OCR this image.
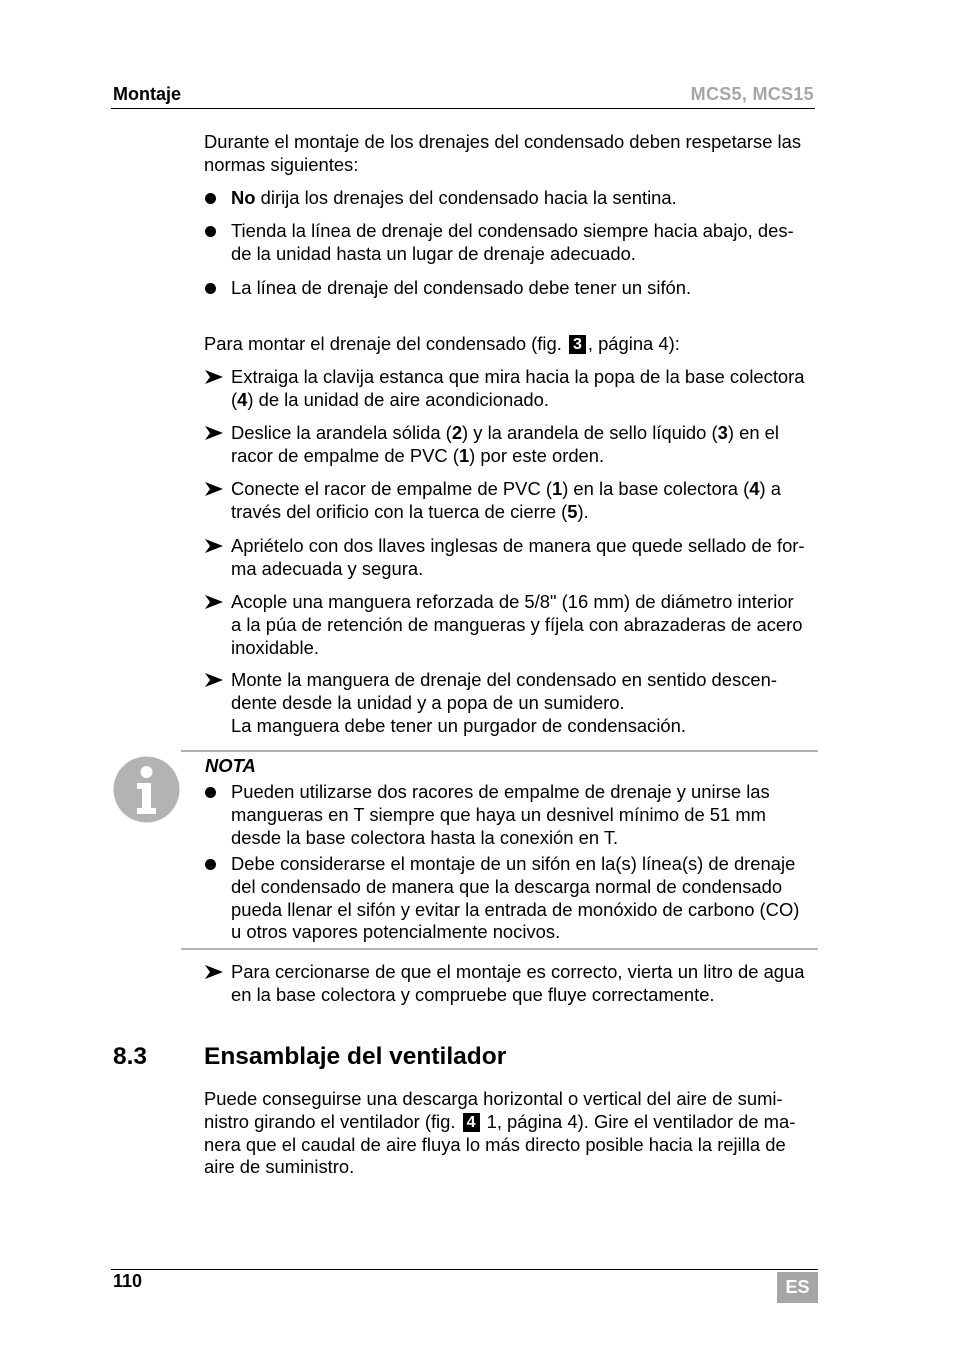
Montaje	MCS5, MCS15
Durante el montaje de los drenajes del condensado deben respetarse las normas siguientes:
No dirija los drenajes del condensado hacia la sentina.
Tienda la línea de drenaje del condensado siempre hacia abajo, des-
de la unidad hasta un lugar de drenaje adecuado.
La línea de drenaje del condensado debe tener un sifón.
Para montar el drenaje del condensado (fig. 3 , página 4):
Extraiga la clavija estanca que mira hacia la popa de la base colectora
(4) de la unidad de aire acondicionado.
Deslice la arandela sólida (2) y la arandela de sello líquido (3) en el
racor de empalme de PVC (1) por este orden.
Conecte el racor de empalme de PVC (1) en la base colectora (4) a
través del orificio con la tuerca de cierre (5).
Apriételo con dos llaves inglesas de manera que quede sellado de for-
ma adecuada y segura.
Acople una manguera reforzada de 5/8" (16 mm) de diámetro interior
a la púa de retención de mangueras y fíjela con abrazaderas de acero
inoxidable.
Monte la manguera de drenaje del condensado en sentido descen-
dente desde la unidad y a popa de un sumidero.
La manguera debe tener un purgador de condensación.
NOTA
Pueden utilizarse dos racores de empalme de drenaje y unirse las
mangueras en T siempre que haya un desnivel mínimo de 51 mm
desde la base colectora hasta la conexión en T.
Debe considerarse el montaje de un sifón en la(s) línea(s) de drenaje
del condensado de manera que la descarga normal de condensado
pueda llenar el sifón y evitar la entrada de monóxido de carbono (CO)
u otros vapores potencialmente nocivos.
Para cercionarse de que el montaje es correcto, vierta un litro de agua
en la base colectora y compruebe que fluye correctamente.
8.3 Ensamblaje del ventilador
Puede conseguirse una descarga horizontal o vertical del aire de sumi-
nistro girando el ventilador (fig. 4 1, página 4). Gire el ventilador de ma-
nera que el caudal de aire fluya lo más directo posible hacia la rejilla de
aire de suministro.
110	ES
